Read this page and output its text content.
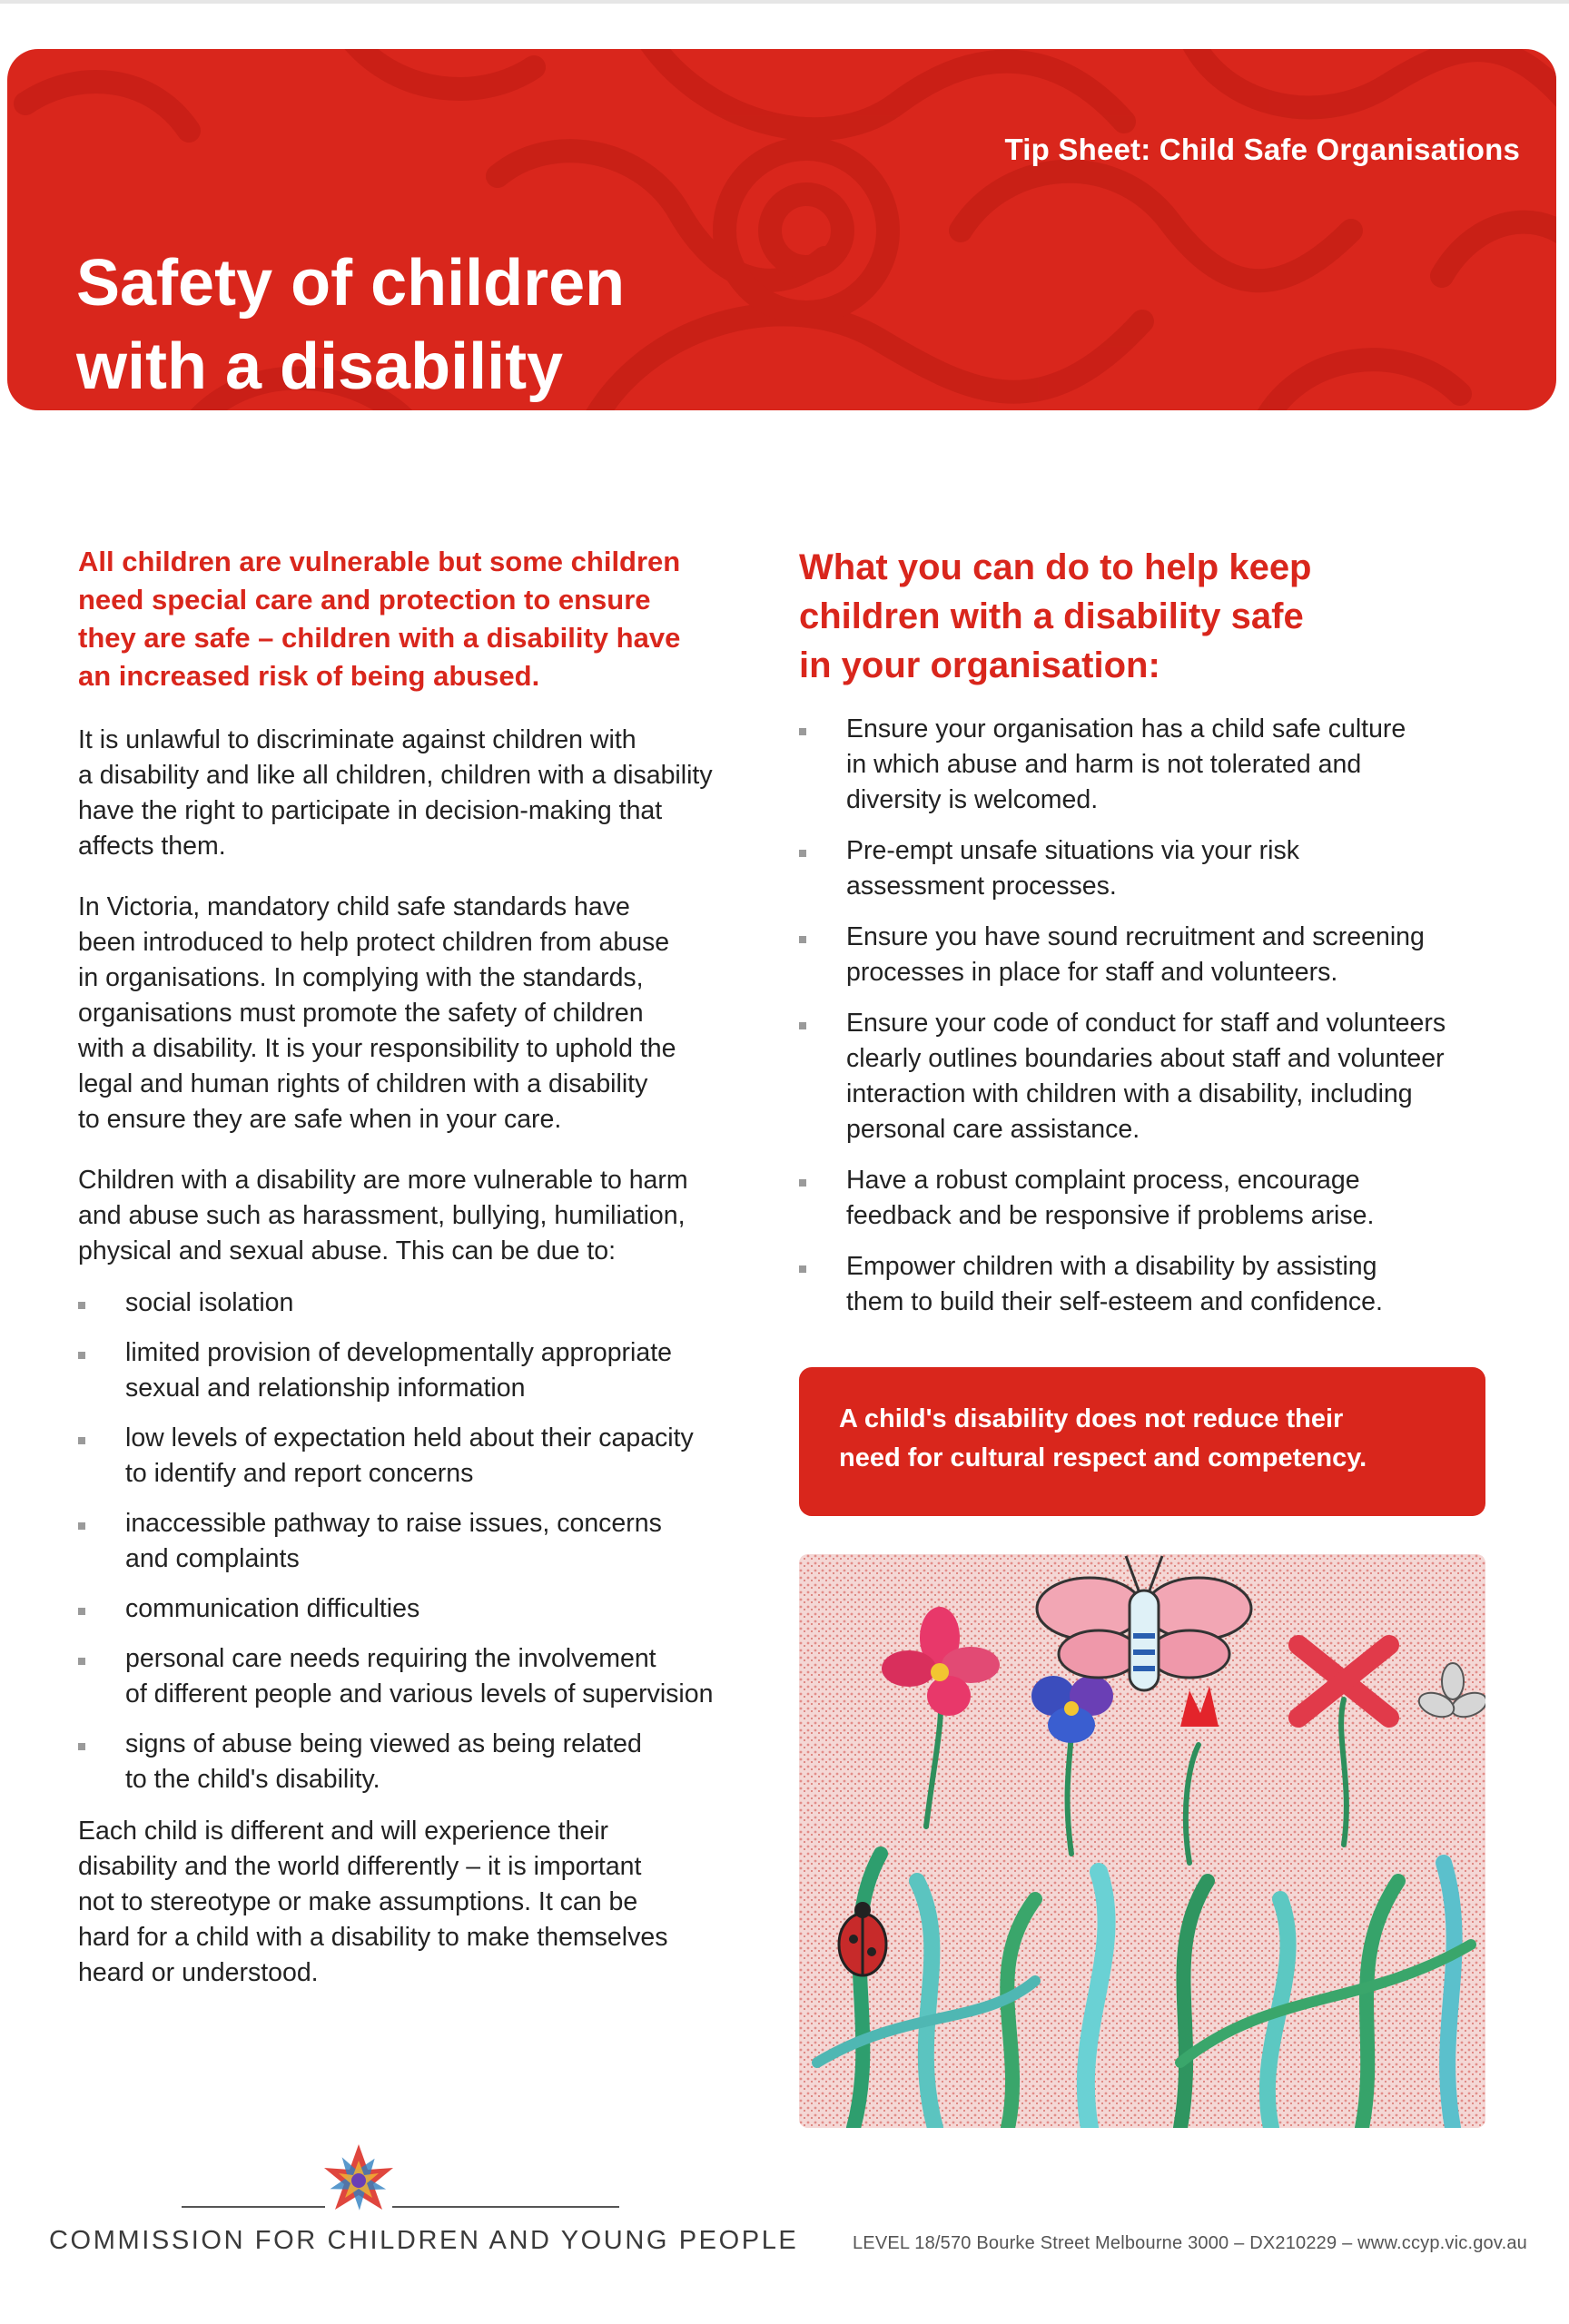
Tip Sheet: Child Safe Organisations
Safety of children
with a disability
All children are vulnerable but some children
need special care and protection to ensure
they are safe – children with a disability have
an increased risk of being abused.

It is unlawful to discriminate against children with
a disability and like all children, children with a disability
have the right to participate in decision-making that
affects them.

In Victoria, mandatory child safe standards have
been introduced to help protect children from abuse
in organisations. In complying with the standards,
organisations must promote the safety of children
with a disability. It is your responsibility to uphold the
legal and human rights of children with a disability
to ensure they are safe when in your care.

Children with a disability are more vulnerable to harm
and abuse such as harassment, bullying, humiliation,
physical and sexual abuse. This can be due to:

social isolation
limited provision of developmentally appropriate
sexual and relationship information
low levels of expectation held about their capacity
to identify and report concerns
inaccessible pathway to raise issues, concerns
and complaints
communication difficulties
personal care needs requiring the involvement
of different people and various levels of supervision
signs of abuse being viewed as being related
to the child's disability.

Each child is different and will experience their
disability and the world differently – it is important
not to stereotype or make assumptions. It can be
hard for a child with a disability to make themselves
heard or understood.

What you can do to help keep
children with a disability safe
in your organisation:
Ensure your organisation has a child safe culture
in which abuse and harm is not tolerated and
diversity is welcomed.
Pre-empt unsafe situations via your risk
assessment processes.
Ensure you have sound recruitment and screening
processes in place for staff and volunteers.
Ensure your code of conduct for staff and volunteers
clearly outlines boundaries about staff and volunteer
interaction with children with a disability, including
personal care assistance.
Have a robust complaint process, encourage
feedback and be responsive if problems arise.
Empower children with a disability by assisting
them to build their self-esteem and confidence.
A child's disability does not reduce their
need for cultural respect and competency.
COMMISSION FOR CHILDREN AND YOUNG PEOPLE	LEVEL 18/570 Bourke Street Melbourne 3000 – DX210229 – www.ccyp.vic.gov.au
